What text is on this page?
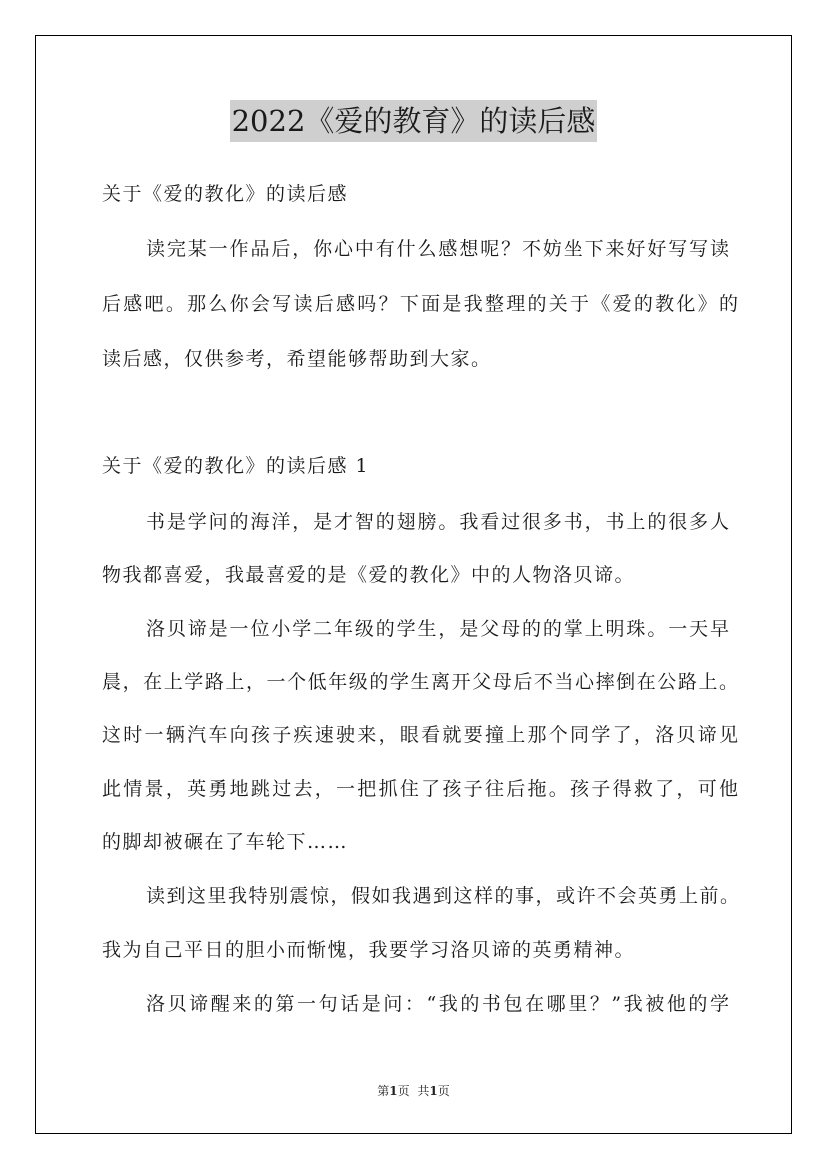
2022《爱的教育》的读后感
关于《爱的教化》的读后感
读完某一作品后，你心中有什么感想呢？不妨坐下来好好写写读
后感吧。那么你会写读后感吗？下面是我整理的关于《爱的教化》的
读后感，仅供参考，希望能够帮助到大家。
关于《爱的教化》的读后感 1
书是学问的海洋，是才智的翅膀。我看过很多书，书上的很多人
物我都喜爱，我最喜爱的是《爱的教化》中的人物洛贝谛。
洛贝谛是一位小学二年级的学生，是父母的的掌上明珠。一天早
晨，在上学路上，一个低年级的学生离开父母后不当心摔倒在公路上。
这时一辆汽车向孩子疾速驶来，眼看就要撞上那个同学了，洛贝谛见
此情景，英勇地跳过去，一把抓住了孩子往后拖。孩子得救了，可他
的脚却被碾在了车轮下……
读到这里我特别震惊，假如我遇到这样的事，或许不会英勇上前。
我为自己平日的胆小而惭愧，我要学习洛贝谛的英勇精神。
洛贝谛醒来的第一句话是问：“我的书包在哪里？”我被他的学
第1页 共1页
